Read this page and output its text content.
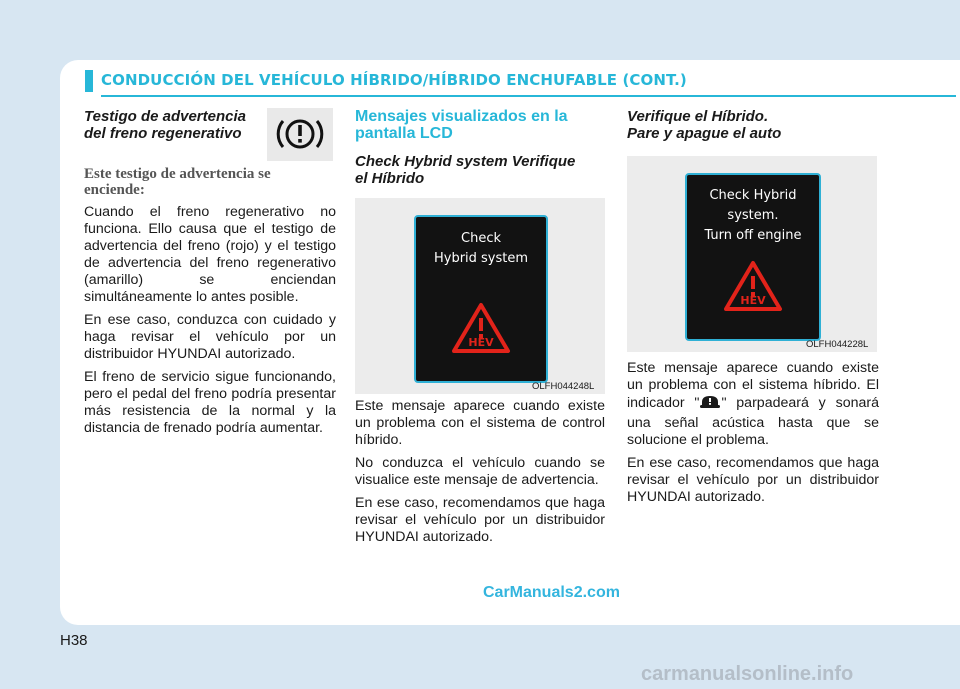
CONDUCCIÓN DEL VEHÍCULO HÍBRIDO/HÍBRIDO ENCHUFABLE (CONT.)
Testigo de advertencia
del freno regenerativo
Este testigo de advertencia se
enciende:

Cuando el freno regenerativo no funciona. Ello causa que el testigo de advertencia del freno (rojo) y el testigo de advertencia del freno regenerativo (amarillo) se enciendan simultáneamente lo antes posible.

En ese caso, conduzca con cuidado y haga revisar el vehículo por un distribuidor HYUNDAI autorizado.

El freno de servicio sigue funcionando, pero el pedal del freno podría presentar más resistencia de la normal y la distancia de frenado podría aumentar.

Mensajes visualizados en la
pantalla LCD
Check Hybrid system Verifique
el Híbrido

Este mensaje aparece cuando existe un problema con el sistema de control híbrido.

No conduzca el vehículo cuando se visualice este mensaje de advertencia.

En ese caso, recomendamos que haga revisar el vehículo por un distribuidor HYUNDAI autorizado.

Check
Hybrid system
HEV
OLFH044248L
Verifique el Híbrido.
Pare y apague el auto

Este mensaje aparece cuando existe un problema con el sistema híbrido. El indicador " " parpadeará y sonará una señal acústica hasta que se solucione el problema.

En ese caso, recomendamos que haga revisar el vehículo por un distribuidor HYUNDAI autorizado.

Check Hybrid
system.
Turn off engine
HEV
OLFH044228L
CarManuals2.com

H38

carmanualsonline.info
